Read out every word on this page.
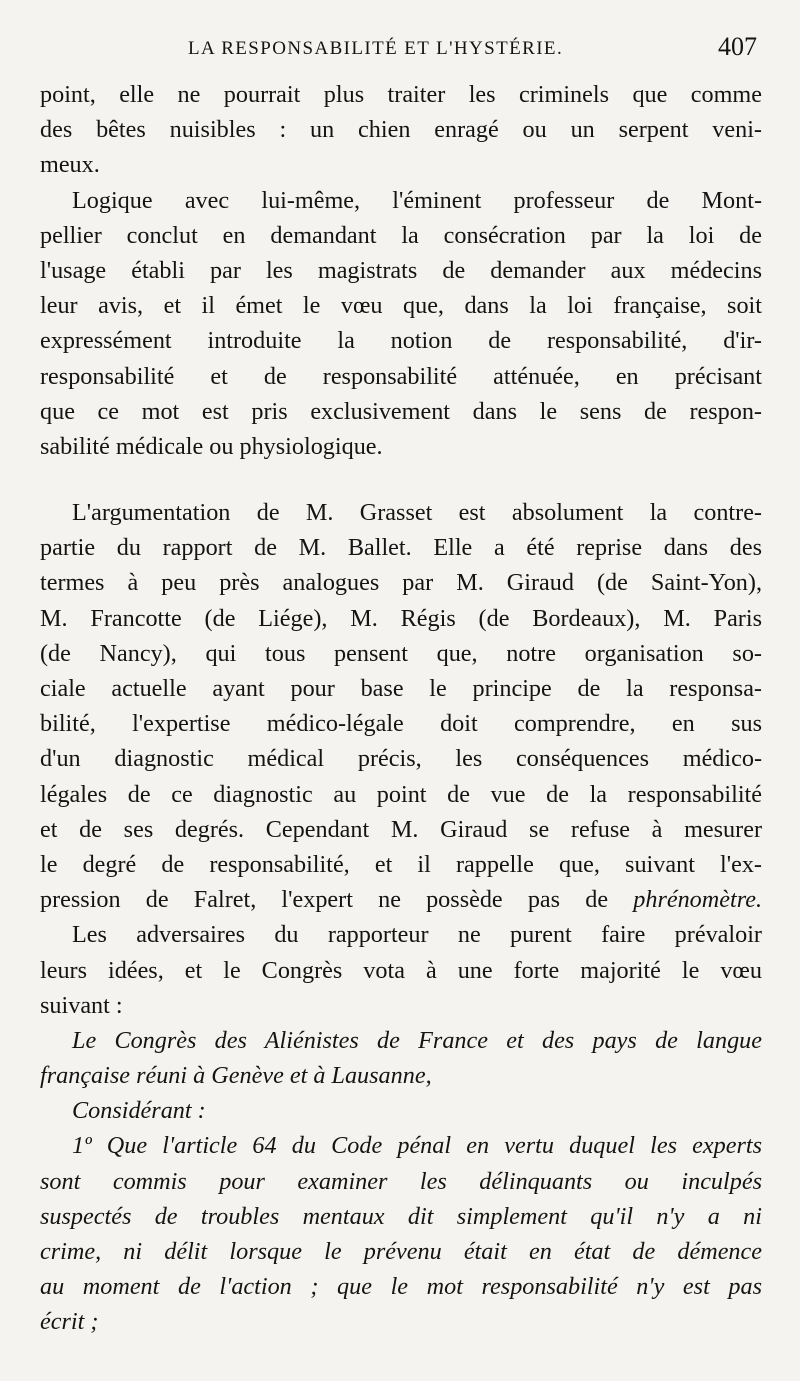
LA RESPONSABILITÉ ET L'HYSTÉRIE.	407
point, elle ne pourrait plus traiter les criminels que comme
des bêtes nuisibles : un chien enragé ou un serpent veni-
meux.
Logique avec lui-même, l'éminent professeur de Mont-
pellier conclut en demandant la consécration par la loi de
l'usage établi par les magistrats de demander aux médecins
leur avis, et il émet le vœu que, dans la loi française, soit
expressément introduite la notion de responsabilité, d'ir-
responsabilité et de responsabilité atténuée, en précisant
que ce mot est pris exclusivement dans le sens de respon-
sabilité médicale ou physiologique.
L'argumentation de M. Grasset est absolument la contre-
partie du rapport de M. Ballet. Elle a été reprise dans des
termes à peu près analogues par M. Giraud (de Saint-Yon),
M. Francotte (de Liége), M. Régis (de Bordeaux), M. Paris
(de Nancy), qui tous pensent que, notre organisation so-
ciale actuelle ayant pour base le principe de la responsa-
bilité, l'expertise médico-légale doit comprendre, en sus
d'un diagnostic médical précis, les conséquences médico-
légales de ce diagnostic au point de vue de la responsabilité
et de ses degrés. Cependant M. Giraud se refuse à mesurer
le degré de responsabilité, et il rappelle que, suivant l'ex-
pression de Falret, l'expert ne possède pas de phrénomètre.
Les adversaires du rapporteur ne purent faire prévaloir
leurs idées, et le Congrès vota à une forte majorité le vœu
suivant :
Le Congrès des Aliénistes de France et des pays de langue
française réuni à Genève et à Lausanne,
Considérant :
1º Que l'article 64 du Code pénal en vertu duquel les experts
sont commis pour examiner les délinquants ou inculpés
suspectés de troubles mentaux dit simplement qu'il n'y a ni
crime, ni délit lorsque le prévenu était en état de démence
au moment de l'action ; que le mot responsabilité n'y est pas
écrit ;
